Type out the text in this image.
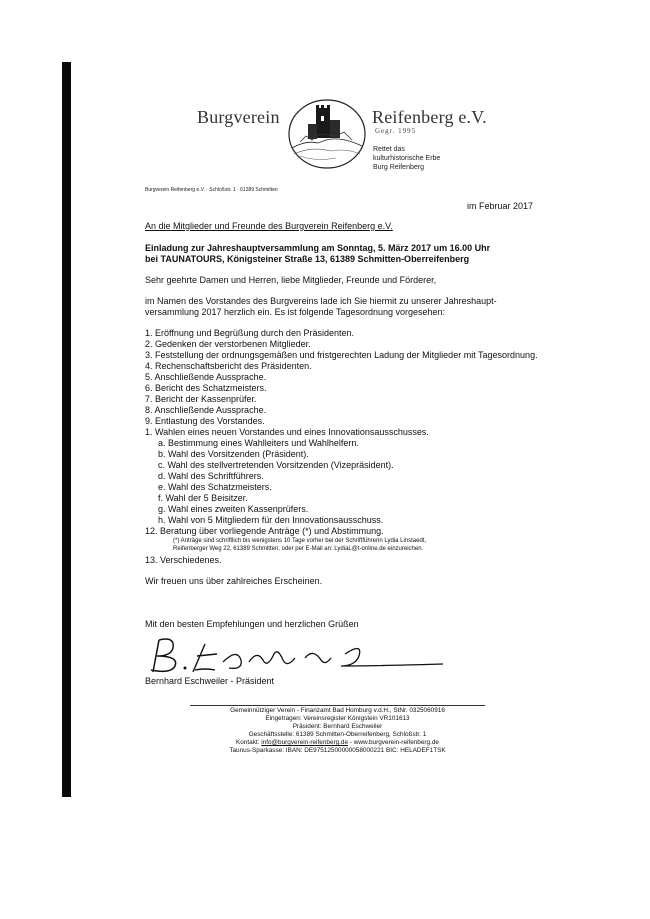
Burgverein	Reifenberg e.V.
Gegr. 1995
Rettet das
kulturhistorische Erbe
Burg Reifenberg
Burgverein Reifenberg e.V. · Schloßstr. 1 · 61389 Schmitten
im Februar 2017
An die Mitglieder und Freunde des Burgverein Reifenberg e.V.
Einladung zur Jahreshauptversammlung am Sonntag, 5. März 2017 um 16.00 Uhr
bei TAUNATOURS, Königsteiner Straße 13, 61389 Schmitten-Oberreifenberg
Sehr geehrte Damen und Herren, liebe Mitglieder, Freunde und Förderer,
im Namen des Vorstandes des Burgvereins lade ich Sie hiermit zu unserer Jahreshaupt-
versammlung 2017 herzlich ein. Es ist folgende Tagesordnung vorgesehen:
1. Eröffnung und Begrüßung durch den Präsidenten.
2. Gedenken der verstorbenen Mitglieder.
3. Feststellung der ordnungsgemäßen und fristgerechten Ladung der Mitglieder mit Tagesordnung.
4. Rechenschaftsbericht des Präsidenten.
5. Anschließende Aussprache.
6. Bericht des Schatzmeisters.
7. Bericht der Kassenprüfer.
8. Anschließende Aussprache.
9. Entlastung des Vorstandes.
1. Wahlen eines neuen Vorstandes und eines Innovationsausschusses.
a. Bestimmung eines Wahlleiters und Wahlhelfern.
b. Wahl des Vorsitzenden (Präsident).
c. Wahl des stellvertretenden Vorsitzenden (Vizepräsident).
d. Wahl des Schriftführers.
e. Wahl des Schatzmeisters.
f. Wahl der 5 Beisitzer.
g. Wahl eines zweiten Kassenprüfers.
h. Wahl von 5 Mitgliedern für den Innovationsausschuss.
12. Beratung über vorliegende Anträge (*) und Abstimmung.
(*) Anträge sind schriftlich bis wenigstens 10 Tage vorher bei der Schriftführerin Lydia Linstaedt,
Reifenberger Weg 22, 61389 Schmitten, oder per E-Mail an: LydiaL@t-online.de einzureichen.
13. Verschiedenes.
Wir freuen uns über zahlreiches Erscheinen.
Mit den besten Empfehlungen und herzlichen Grüßen
Bernhard Eschweiler - Präsident
Gemeinnütziger Verein - Finanzamt Bad Homburg v.d.H., StNr. 0325060916
Eingetragen: Vereinsregister Königstein VR101613
Präsident: Bernhard Eschweiler
Geschäftsstelle: 61389 Schmitten-Oberreifenberg, Schloßstr. 1
Kontakt: info@burgverein-reifenberg.de - www.burgverein-reifenberg.de
Taunus-Sparkasse: IBAN: DE97512500000058000221 BIC: HELADEF1TSK
